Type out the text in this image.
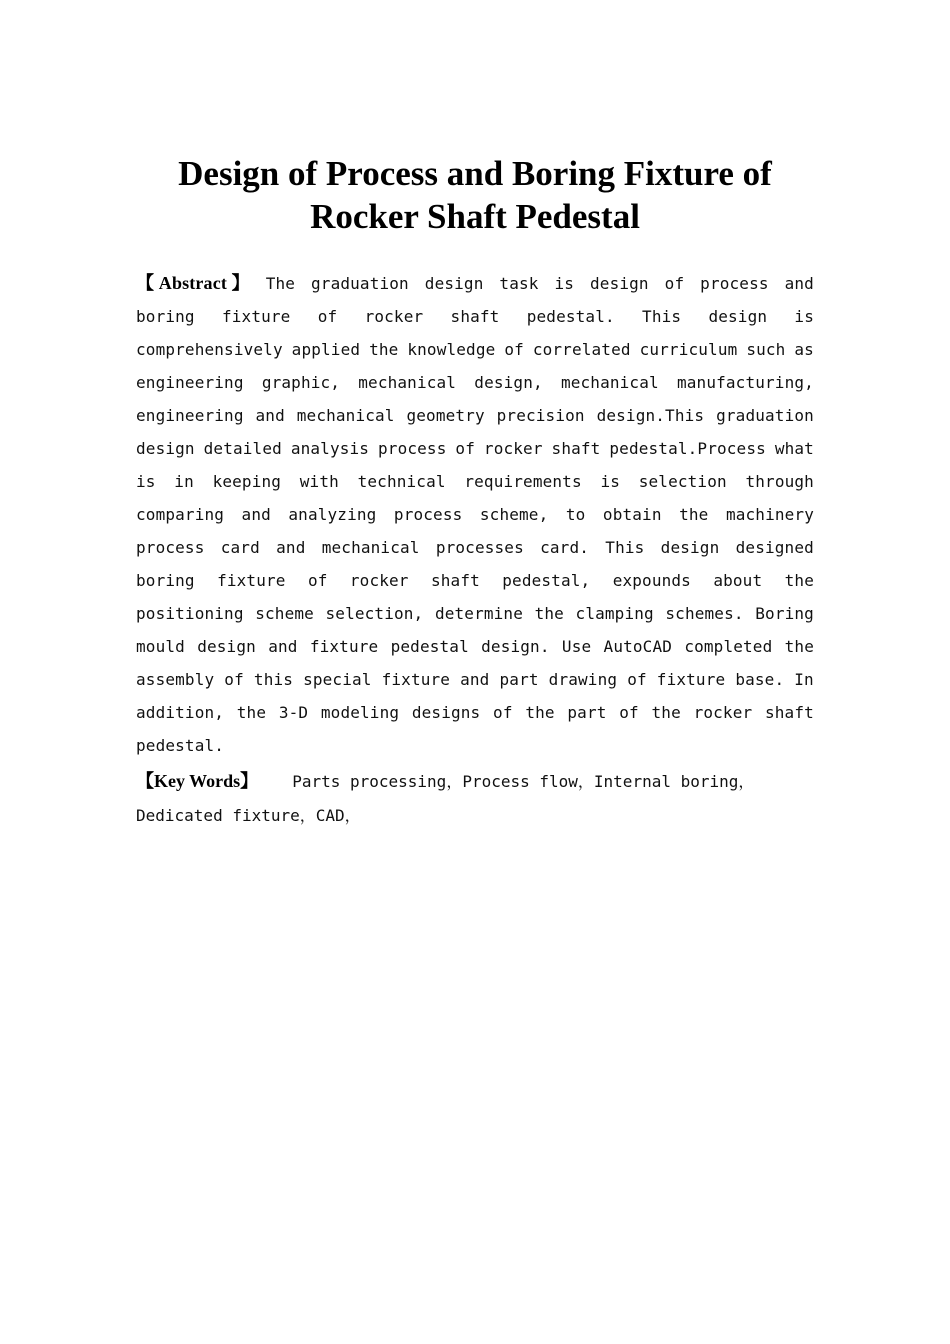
Design of Process and Boring Fixture of
Rocker Shaft Pedestal
【 Abstract 】 The graduation design task is design of process and
boring fixture of rocker shaft pedestal. This design is
comprehensively applied the knowledge of correlated curriculum such as
engineering graphic, mechanical design, mechanical manufacturing,
engineering and mechanical geometry precision design.This graduation
design detailed analysis process of rocker shaft pedestal.Process what
is in keeping with technical requirements is selection through
comparing and analyzing process scheme, to obtain the machinery
process card and mechanical processes card. This design designed
boring fixture of rocker shaft pedestal, expounds about the
positioning scheme selection, determine the clamping schemes. Boring
mould design and fixture pedestal design. Use AutoCAD completed the
assembly of this special fixture and part drawing of fixture base. In
addition, the 3-D modeling designs of the part of the rocker shaft
pedestal.
【Key Words】 Parts processing，Process flow，Internal boring，
Dedicated fixture，CAD，
